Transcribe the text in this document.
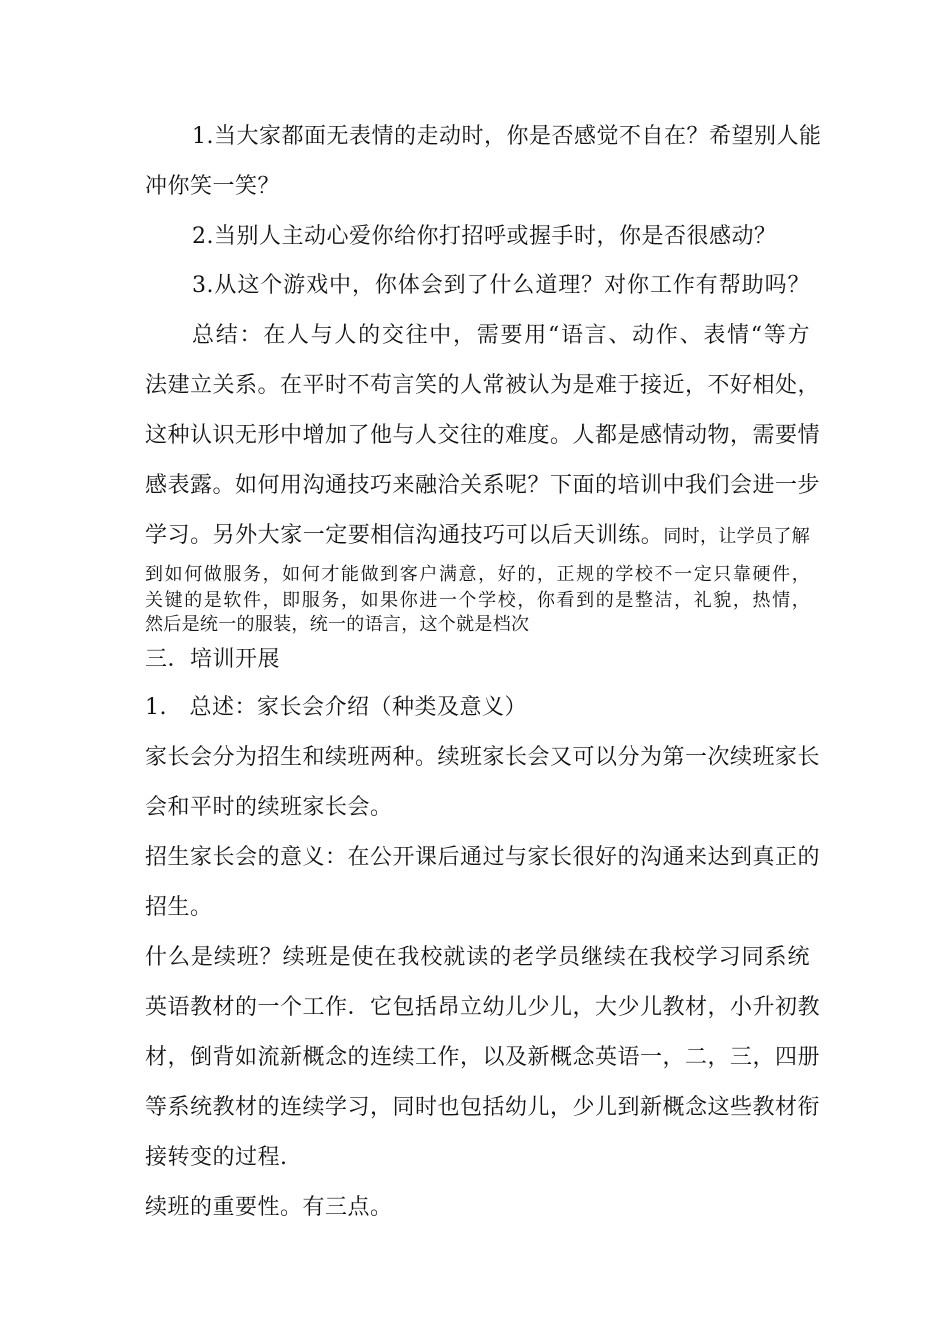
1.当大家都面无表情的走动时，你是否感觉不自在？希望别人能
冲你笑一笑？
2.当别人主动心爱你给你打招呼或握手时，你是否很感动？
3.从这个游戏中，你体会到了什么道理？对你工作有帮助吗？
总结：在人与人的交往中，需要用“语言、动作、表情“等方
法建立关系。在平时不苟言笑的人常被认为是难于接近，不好相处，
这种认识无形中增加了他与人交往的难度。人都是感情动物，需要情
感表露。如何用沟通技巧来融洽关系呢？下面的培训中我们会进一步
学习。另外大家一定要相信沟通技巧可以后天训练。同时，让学员了解
到如何做服务，如何才能做到客户满意，好的，正规的学校不一定只靠硬件，
关键的是软件，即服务，如果你进一个学校，你看到的是整洁，礼貌，热情，
然后是统一的服装，统一的语言，这个就是档次
三．培训开展
1.　总述：家长会介绍（种类及意义）
家长会分为招生和续班两种。续班家长会又可以分为第一次续班家长
会和平时的续班家长会。
招生家长会的意义：在公开课后通过与家长很好的沟通来达到真正的
招生。
什么是续班？续班是使在我校就读的老学员继续在我校学习同系统
英语教材的一个工作．它包括昂立幼儿少儿，大少儿教材，小升初教
材，倒背如流新概念的连续工作，以及新概念英语一，二，三，四册
等系统教材的连续学习，同时也包括幼儿，少儿到新概念这些教材衔
接转变的过程.
续班的重要性。有三点。
